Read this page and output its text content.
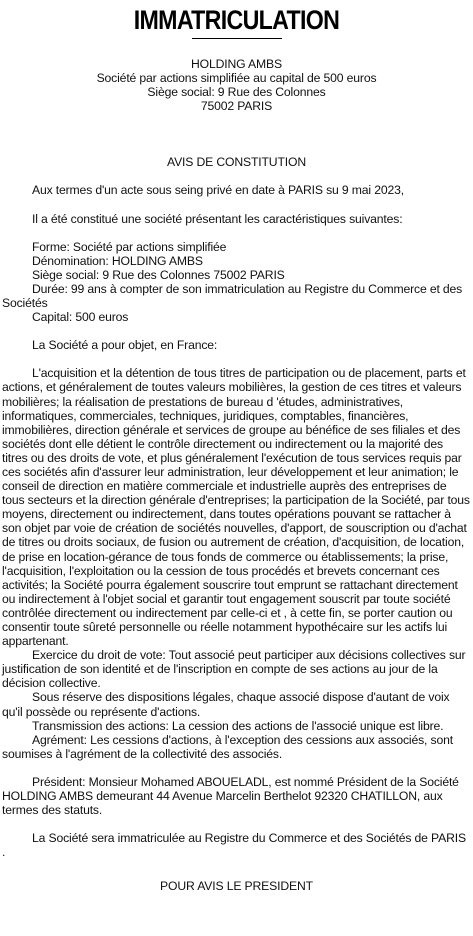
IMMATRICULATION

HOLDING AMBS

Société par actions simplifiée au capital de 500 euros

Siège social: 9 Rue des Colonnes

75002 PARIS

AVIS DE CONSTITUTION

Aux termes d'un acte sous seing privé en date à PARIS su 9 mai 2023,

Il a été constitué une société présentant les caractéristiques suivantes:

Forme: Société par actions simplifiée

Dénomination: HOLDING AMBS

Siège social: 9 Rue des Colonnes 75002 PARIS

Durée: 99 ans à compter de son immatriculation au Registre du Commerce et des Sociétés

Capital: 500 euros

La Société a pour objet, en France:

L'acquisition et la détention de tous titres de participation ou de placement, parts et actions, et généralement de toutes valeurs mobilières, la gestion de ces titres et valeurs mobilières; la réalisation de prestations de bureau d 'études, administratives, informatiques, commerciales, techniques, juridiques, comptables, financières, immobilières, direction générale et services de groupe au bénéfice de ses filiales et des sociétés dont elle détient le contrôle directement ou indirectement ou la majorité des titres ou des droits de vote, et plus généralement l'exécution de tous services requis par ces sociétés afin d'assurer leur administration, leur développement et leur animation; le conseil de direction en matière commerciale et industrielle auprès des entreprises de tous secteurs et la direction générale d'entreprises; la participation de la Société, par tous moyens, directement ou indirectement, dans toutes opérations pouvant se rattacher à son objet par voie de création de sociétés nouvelles, d'apport, de souscription ou d'achat de titres ou droits sociaux, de fusion ou autrement de création, d'acquisition, de location, de prise en location-gérance de tous fonds de commerce ou établissements; la prise, l'acquisition, l'exploitation ou la cession de tous procédés et brevets concernant ces activités; la Société pourra également souscrire tout emprunt se rattachant directement ou indirectement à l'objet social et garantir tout engagement souscrit par toute société contrôlée directement ou indirectement par celle-ci et , à cette fin, se porter caution ou consentir toute sûreté personnelle ou réelle notamment hypothécaire sur les actifs lui appartenant.

Exercice du droit de vote: Tout associé peut participer aux décisions collectives sur justification de son identité et de l'inscription en compte de ses actions au jour de la décision collective.

Sous réserve des dispositions légales, chaque associé dispose d'autant de voix qu'il possède ou représente d'actions.

Transmission des actions: La cession des actions de l'associé unique est libre.

Agrément: Les cessions d'actions, à l'exception des cessions aux associés, sont soumises à l'agrément de la collectivité des associés.

Président: Monsieur Mohamed ABOUELADL, est nommé Président de la Société HOLDING AMBS demeurant 44 Avenue Marcelin Berthelot 92320 CHATILLON, aux termes des statuts.

La Société sera immatriculée au Registre du Commerce et des Sociétés de PARIS .

POUR AVIS LE PRESIDENT
